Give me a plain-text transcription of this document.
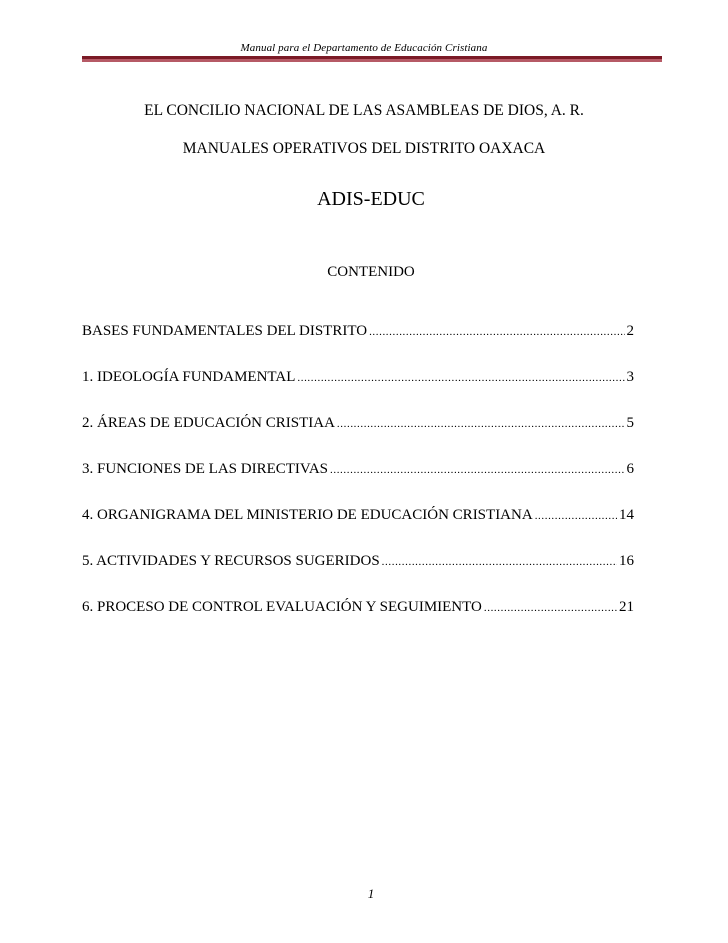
Manual para el Departamento de Educación Cristiana
EL CONCILIO NACIONAL DE LAS ASAMBLEAS DE DIOS, A. R.
MANUALES OPERATIVOS DEL DISTRITO OAXACA
ADIS-EDUC
CONTENIDO
BASES FUNDAMENTALES DEL DISTRITO .....	2
1. IDEOLOGÍA FUNDAMENTAL .....	3
2. ÁREAS DE EDUCACIÓN CRISTIAA .....	5
3. FUNCIONES DE LAS DIRECTIVAS .....	6
4. ORGANIGRAMA DEL MINISTERIO DE EDUCACIÓN CRISTIANA .....	14
5. ACTIVIDADES Y RECURSOS SUGERIDOS .....	16
6. PROCESO DE CONTROL EVALUACIÓN Y SEGUIMIENTO .....	21
1
